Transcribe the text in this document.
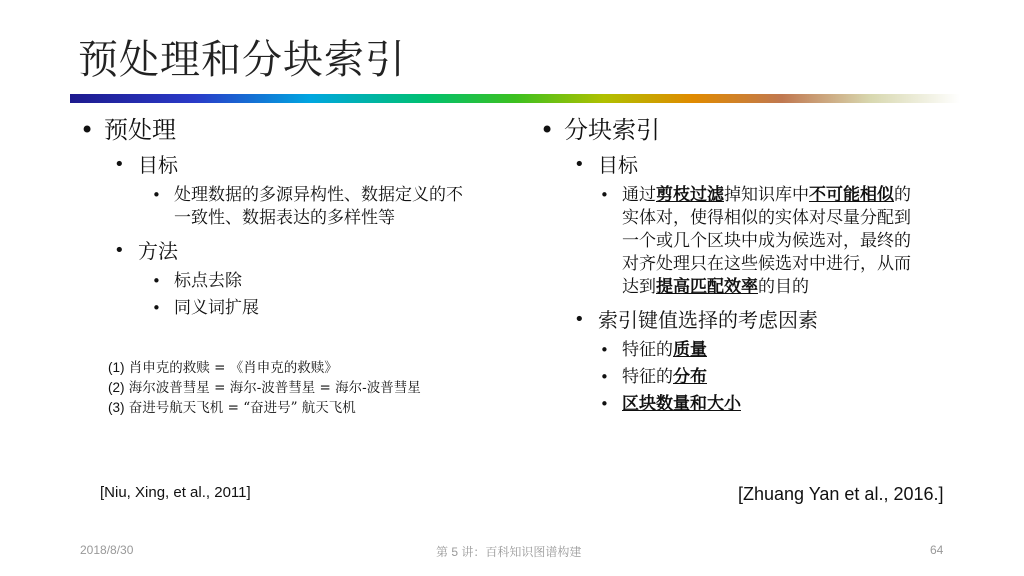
预处理和分块索引
• 预处理
• 目标
• 处理数据的多源异构性、数据定义的不一致性、数据表达的多样性等
• 方法
• 标点去除
• 同义词扩展
(1) 肖申克的救赎 = 《肖申克的救赎》
(2) 海尔波普彗星 = 海尔-波普彗星 = 海尔-波普彗星
(3) 奋进号航天飞机 = “奋进号” 航天飞机
[Niu, Xing, et al., 2011]
• 分块索引
• 目标
• 通过剪枝过滤掉知识库中不可能相似的实体对，使得相似的实体对尽量分配到一个或几个区块中成为候选对，最终的对齐处理只在这些候选对中进行，从而达到提高匹配效率的目的
• 索引键值选择的考虑因素
• 特征的质量
• 特征的分布
• 区块数量和大小
[Zhuang Yan et al., 2016.]
2018/8/30	第 5 讲：百科知识图谱构建	64
